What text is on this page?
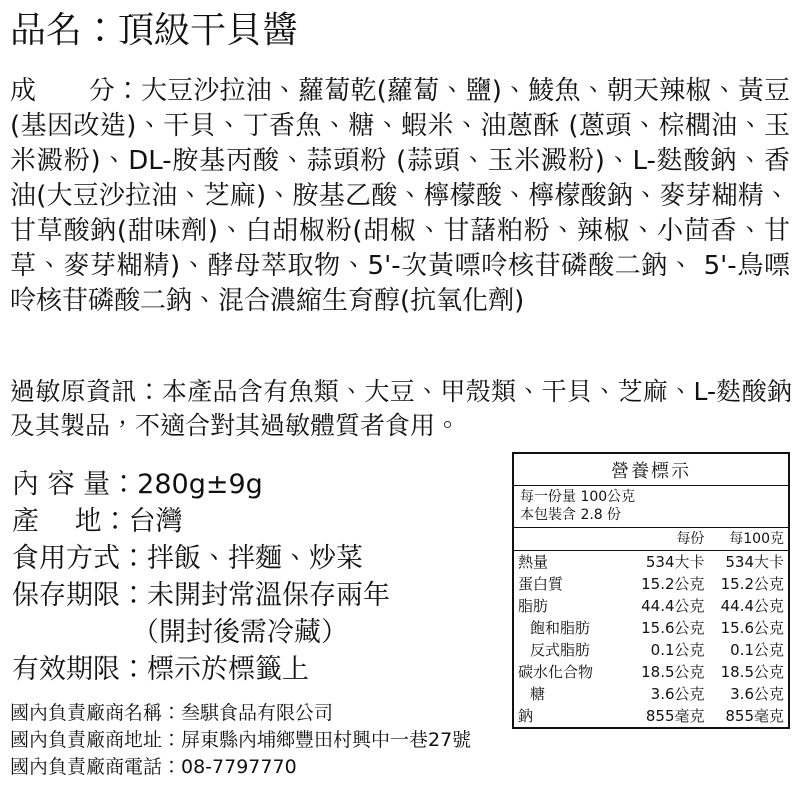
品名：頂級干貝醬
成　　分：大豆沙拉油、蘿蔔乾(蘿蔔、鹽)、鯪魚、朝天辣椒、黃豆(基因改造)、干貝、丁香魚、糖、蝦米、油蔥酥 (蔥頭、棕櫚油、玉米澱粉)、DL-胺基丙酸、蒜頭粉 (蒜頭、玉米澱粉)、L-麩酸鈉、香油(大豆沙拉油、芝麻)、胺基乙酸、檸檬酸、檸檬酸鈉、麥芽糊精、甘草酸鈉(甜味劑)、白胡椒粉(胡椒、甘藷粕粉、辣椒、小茴香、甘草、麥芽糊精)、酵母萃取物、5'-次黃嘌呤核苷磷酸二鈉、 5'-鳥嘌呤核苷磷酸二鈉、混合濃縮生育醇(抗氧化劑)
過敏原資訊：本產品含有魚類、大豆、甲殼類、干貝、芝麻、L-麩酸鈉及其製品，不適合對其過敏體質者食用。
內 容 量：280g±9g
產　 地：台灣
食用方式：拌飯、拌麵、炒菜
保存期限：未開封常溫保存兩年
（開封後需冷藏）
有效期限：標示於標籤上
國內負責廠商名稱：叁騏食品有限公司
國內負責廠商地址：屏東縣內埔鄉豐田村興中一巷27號
國內負責廠商電話：08-7797770
營養標示
每一份量 100公克
本包裝含 2.8 份
	每份	每100克
熱量	534大卡	534大卡
蛋白質	15.2公克	15.2公克
脂肪	44.4公克	44.4公克
飽和脂肪	15.6公克	15.6公克
反式脂肪	0.1公克	0.1公克
碳水化合物	18.5公克	18.5公克
糖	3.6公克	3.6公克
鈉	855毫克	855毫克
